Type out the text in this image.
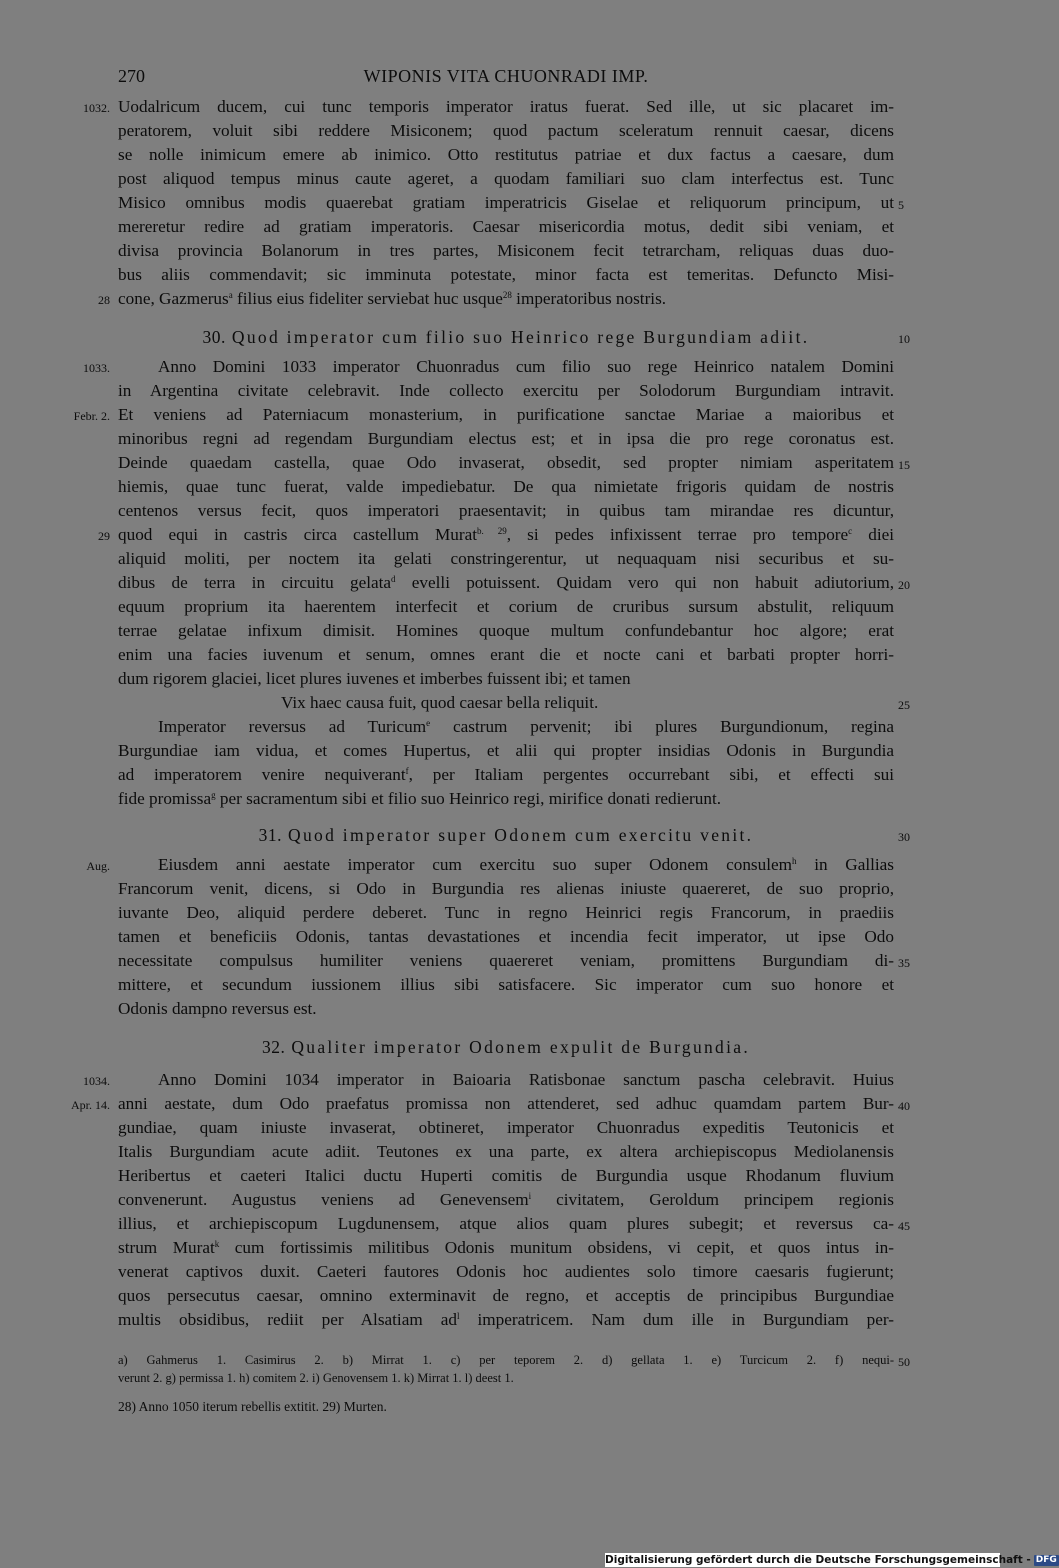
270	WIPONIS VITA CHUONRADI IMP.
Uodalricum ducem, cui tunc temporis imperator iratus fuerat. Sed ille, ut sic placaret im-
1032.
peratorem, voluit sibi reddere Misiconem; quod pactum sceleratum rennuit caesar, dicens
se nolle inimicum emere ab inimico. Otto restitutus patriae et dux factus a caesare, dum
post aliquod tempus minus caute ageret, a quodam familiari suo clam interfectus est. Tunc
Misico omnibus modis quaerebat gratiam imperatricis Giselae et reliquorum principum, ut 5
mereretur redire ad gratiam imperatoris. Caesar misericordia motus, dedit sibi veniam, et
divisa provincia Bolanorum in tres partes, Misiconem fecit tetrarcham, reliquas duas duo-
bus aliis commendavit; sic imminuta potestate, minor facta est temeritas. Defuncto Misi-
cone, Gazmerus$^a$ filius eius fideliter serviebat huc usque$^{28}$ imperatoribus nostris.
28
30. Quod imperator cum filio suo Heinrico rege Burgundiam adiit.	10
Anno Domini 1033 imperator Chuonradus cum filio suo rege Heinrico natalem Domini
1033.
in Argentina civitate celebravit. Inde collecto exercitu per Solodorum Burgundiam intravit.
Et veniens ad Paterniacum monasterium, in purificatione sanctae Mariae a maioribus et
Febr. 2.
minoribus regni ad regendam Burgundiam electus est; et in ipsa die pro rege coronatus est.
Deinde quaedam castella, quae Odo invaserat, obsedit, sed propter nimiam asperitatem 15
hiemis, quae tunc fuerat, valde impediebatur. De qua nimietate frigoris quidam de nostris
centenos versus fecit, quos imperatori praesentavit; in quibus tam mirandae res dicuntur,
quod equi in castris circa castellum Murat$^{b. 29}$, si pedes infixissent terrae pro tempore$^c$ diei
29
aliquid moliti, per noctem ita gelati constringerentur, ut nequaquam nisi securibus et su-
dibus de terra in circuitu gelata$^d$ evelli potuissent. Quidam vero qui non habuit adiutorium, 20
equum proprium ita haerentem interfecit et corium de cruribus sursum abstulit, reliquum
terrae gelatae infixum dimisit. Homines quoque multum confundebantur hoc algore; erat
enim una facies iuvenum et senum, omnes erant die et nocte cani et barbati propter horri-
dum rigorem glaciei, licet plures iuvenes et imberbes fuissent ibi; et tamen
Vix haec causa fuit, quod caesar bella reliquit.	25
Imperator reversus ad Turicum$^e$ castrum pervenit; ibi plures Burgundionum, regina
Burgundiae iam vidua, et comes Hupertus, et alii qui propter insidias Odonis in Burgundia
ad imperatorem venire nequiverant$^f$, per Italiam pergentes occurrebant sibi, et effecti sui
fide promissa$^g$ per sacramentum sibi et filio suo Heinrico regi, mirifice donati redierunt.
31. Quod imperator super Odonem cum exercitu venit.	30
Eiusdem anni aestate imperator cum exercitu suo super Odonem consulem$^h$ in Gallias
Aug.
Francorum venit, dicens, si Odo in Burgundia res alienas iniuste quaereret, de suo proprio,
iuvante Deo, aliquid perdere deberet. Tunc in regno Heinrici regis Francorum, in praediis
tamen et beneficiis Odonis, tantas devastationes et incendia fecit imperator, ut ipse Odo
necessitate compulsus humiliter veniens quaereret veniam, promittens Burgundiam di- 35
mittere, et secundum iussionem illius sibi satisfacere. Sic imperator cum suo honore et
Odonis dampno reversus est.
32. Qualiter imperator Odonem expulit de Burgundia.
Anno Domini 1034 imperator in Baioaria Ratisbonae sanctum pascha celebravit. Huius
1034.
anni aestate, dum Odo praefatus promissa non attenderet, sed adhuc quamdam partem Bur-
Apr. 14.	40
gundiae, quam iniuste invaserat, obtineret, imperator Chuonradus expeditis Teutonicis et
Italis Burgundiam acute adiit. Teutones ex una parte, ex altera archiepiscopus Mediolanensis
Heribertus et caeteri Italici ductu Huperti comitis de Burgundia usque Rhodanum fluvium
convenerunt. Augustus veniens ad Genevensem$^i$ civitatem, Geroldum principem regionis
illius, et archiepiscopum Lugdunensem, atque alios quam plures subegit; et reversus ca- 45
strum Murat$^k$ cum fortissimis militibus Odonis munitum obsidens, vi cepit, et quos intus in-
venerat captivos duxit. Caeteri fautores Odonis hoc audientes solo timore caesaris fugierunt;
quos persecutus caesar, omnino exterminavit de regno, et acceptis de principibus Burgundiae
multis obsidibus, rediit per Alsatiam $ad^l$ imperatricem. Nam dum ille in Burgundiam per-
a) Gahmerus 1. Casimirus 2. b) Mirrat 1. c) per teporem 2. d) gellata 1. e) Turcicum 2. f) nequi- 50
verunt 2. g) permissa 1. h) comitem 2. i) Genovensem 1. k) Mirrat 1. l) deest 1.
28) Anno 1050 iterum rebellis extitit. 29) Murten.
Digitalisierung gefördert durch die Deutsche Forschungsgemeinschaft - DFG
